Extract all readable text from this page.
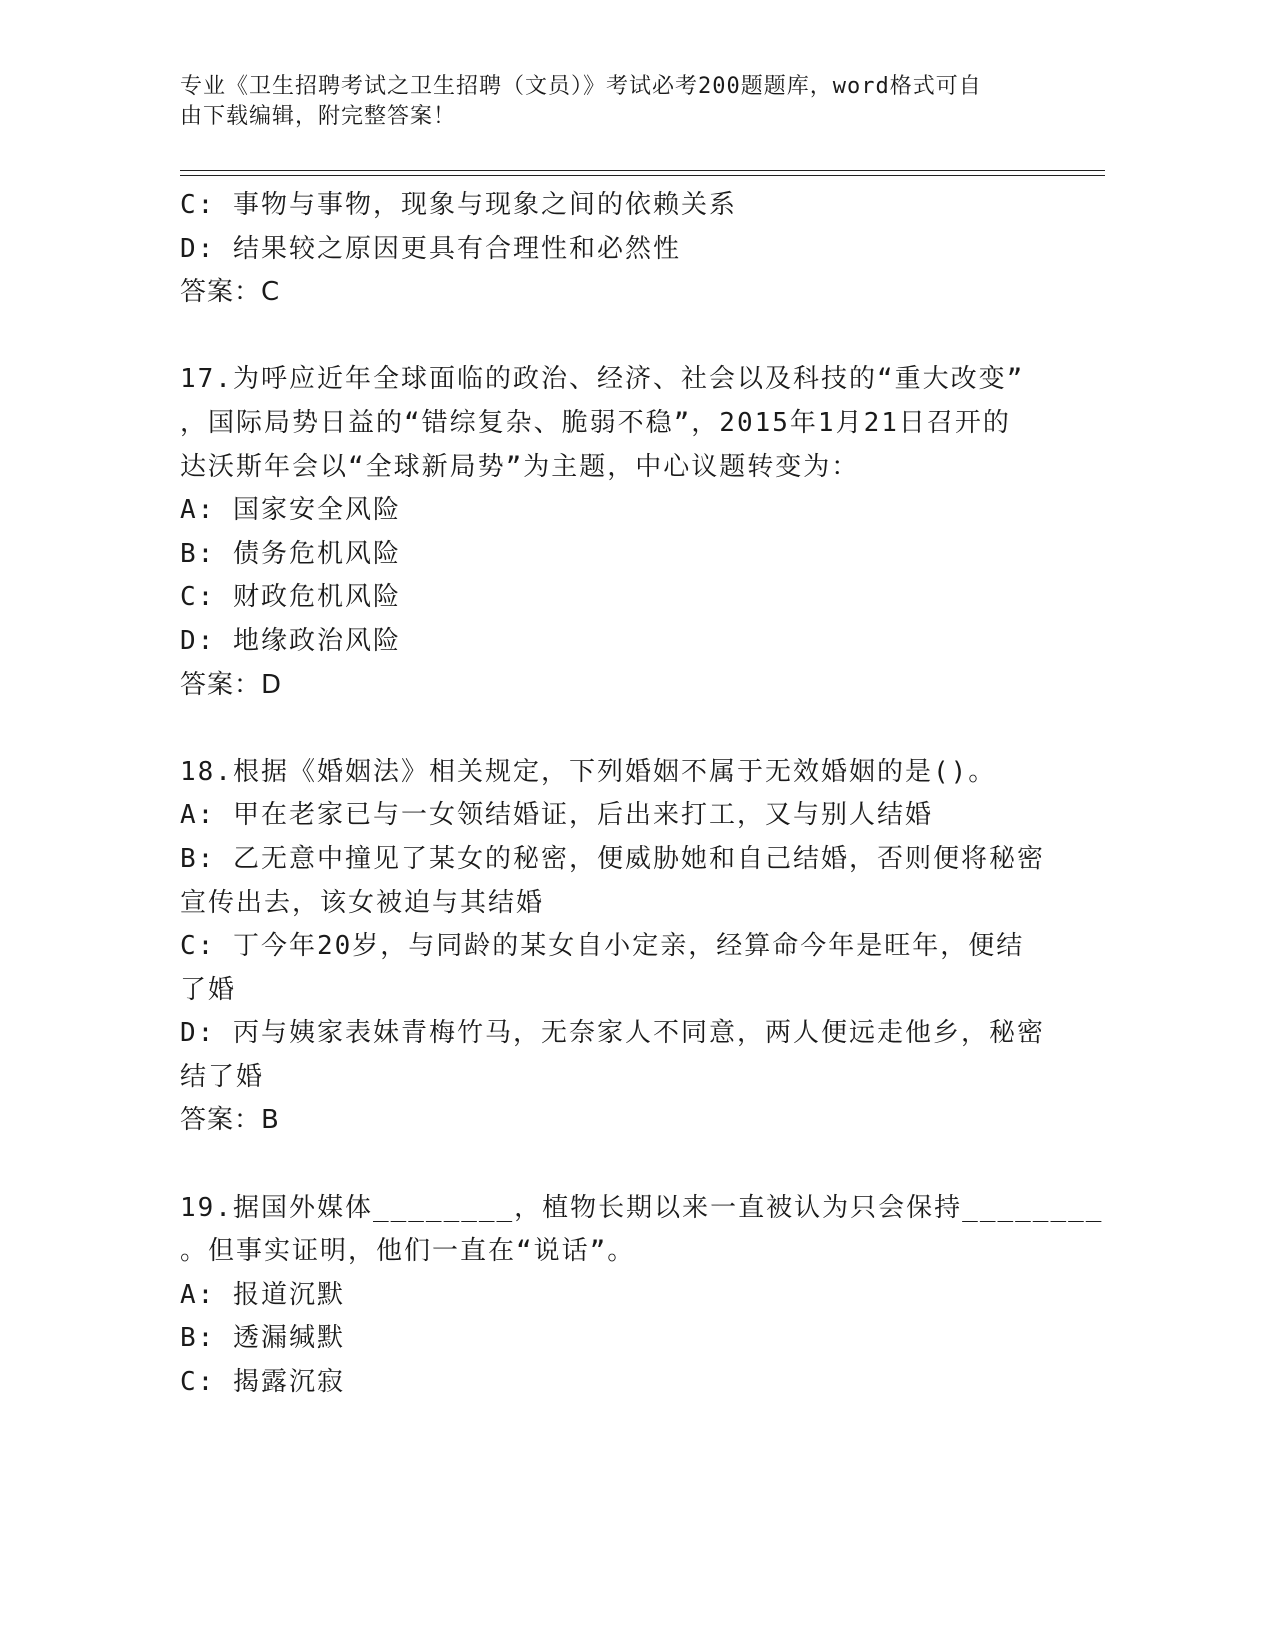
专业《卫生招聘考试之卫生招聘（文员）》考试必考200题题库，word格式可自
由下载编辑，附完整答案！

C: 事物与事物，现象与现象之间的依赖关系

D: 结果较之原因更具有合理性和必然性

答案：C

17.为呼应近年全球面临的政治、经济、社会以及科技的“重大改变”

，国际局势日益的“错综复杂、脆弱不稳”，2015年1月21日召开的

达沃斯年会以“全球新局势”为主题，中心议题转变为：

A: 国家安全风险

B: 债务危机风险

C: 财政危机风险

D: 地缘政治风险

答案：D

18.根据《婚姻法》相关规定，下列婚姻不属于无效婚姻的是()。

A: 甲在老家已与一女领结婚证，后出来打工，又与别人结婚

B: 乙无意中撞见了某女的秘密，便威胁她和自己结婚，否则便将秘密

宣传出去，该女被迫与其结婚

C: 丁今年20岁，与同龄的某女自小定亲，经算命今年是旺年，便结

了婚

D: 丙与姨家表妹青梅竹马，无奈家人不同意，两人便远走他乡，秘密

结了婚

答案：B

19.据国外媒体________，植物长期以来一直被认为只会保持________

。但事实证明，他们一直在“说话”。

A: 报道沉默

B: 透漏缄默

C: 揭露沉寂
